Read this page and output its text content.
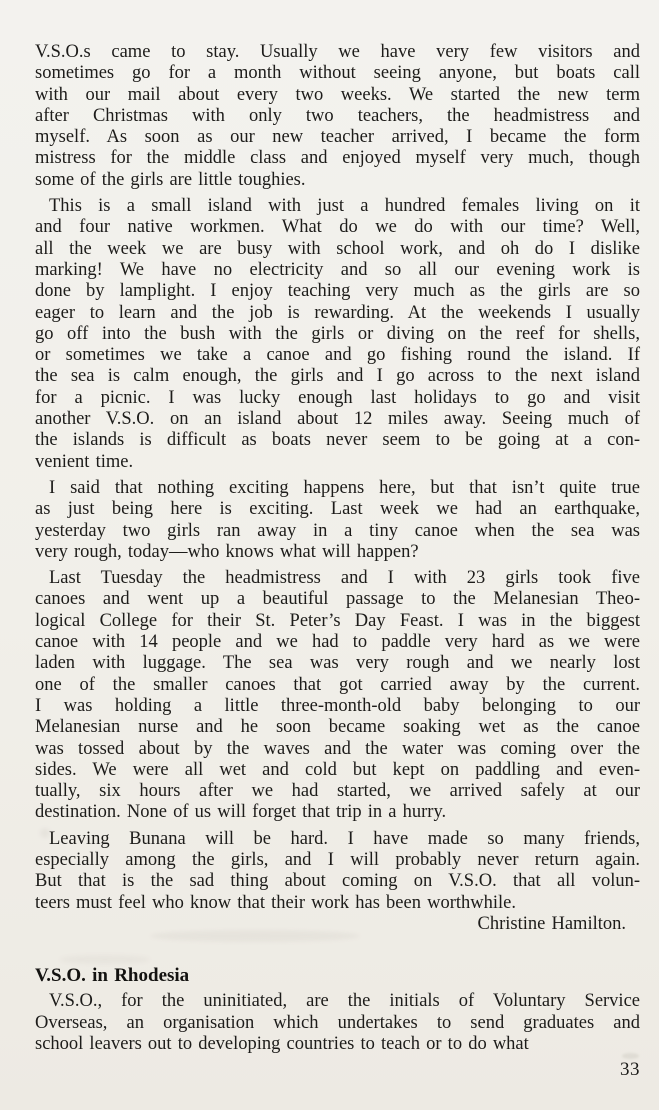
V.S.O.s came to stay. Usually we have very few visitors and
sometimes go for a month without seeing anyone, but boats call
with our mail about every two weeks. We started the new term
after Christmas with only two teachers, the headmistress and
myself. As soon as our new teacher arrived, I became the form
mistress for the middle class and enjoyed myself very much, though
some of the girls are little toughies.
This is a small island with just a hundred females living on it
and four native workmen. What do we do with our time? Well,
all the week we are busy with school work, and oh do I dislike
marking! We have no electricity and so all our evening work is
done by lamplight. I enjoy teaching very much as the girls are so
eager to learn and the job is rewarding. At the weekends I usually
go off into the bush with the girls or diving on the reef for shells,
or sometimes we take a canoe and go fishing round the island. If
the sea is calm enough, the girls and I go across to the next island
for a picnic. I was lucky enough last holidays to go and visit
another V.S.O. on an island about 12 miles away. Seeing much of
the islands is difficult as boats never seem to be going at a con-
venient time.
I said that nothing exciting happens here, but that isn’t quite true
as just being here is exciting. Last week we had an earthquake,
yesterday two girls ran away in a tiny canoe when the sea was
very rough, today—who knows what will happen?
Last Tuesday the headmistress and I with 23 girls took five
canoes and went up a beautiful passage to the Melanesian Theo-
logical College for their St. Peter’s Day Feast. I was in the biggest
canoe with 14 people and we had to paddle very hard as we were
laden with luggage. The sea was very rough and we nearly lost
one of the smaller canoes that got carried away by the current.
I was holding a little three-month-old baby belonging to our
Melanesian nurse and he soon became soaking wet as the canoe
was tossed about by the waves and the water was coming over the
sides. We were all wet and cold but kept on paddling and even-
tually, six hours after we had started, we arrived safely at our
destination. None of us will forget that trip in a hurry.
Leaving Bunana will be hard. I have made so many friends,
especially among the girls, and I will probably never return again.
But that is the sad thing about coming on V.S.O. that all volun-
teers must feel who know that their work has been worthwhile.
Christine Hamilton.
V.S.O. in Rhodesia
V.S.O., for the uninitiated, are the initials of Voluntary Service
Overseas, an organisation which undertakes to send graduates and
school leavers out to developing countries to teach or to do what
33
